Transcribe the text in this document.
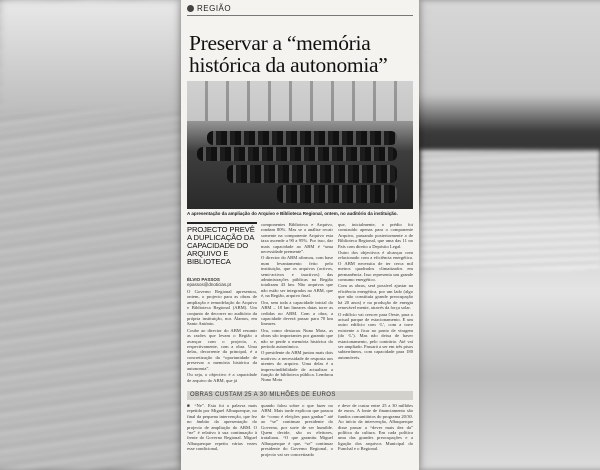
REGIÃO
Preservar a “memória histórica da autonomia”
A apresentação da ampliação do Arquivo e Biblioteca Regional, ontem, no auditório da instituição.
PROJECTO PREVÊ A DUPLICAÇÃO DA CAPACIDADE DO ARQUIVO E BIBLIOTECA
ÉLVIO PASSOS
epassos@dnoticias.pt

O Governo Regional apresentou, ontem, o projecto para as obras de ampliação e remodelação do Arquivo e Biblioteca Regional (ABM). Um conjunto de decorrer no auditório da própria instituição, nos Álamos, em Santo António.

Coube ao director do ABM resumir as razões que levam o Região a avançar com o projecto, e, respectivamente, com a obra. Uma delas, decorrente da principal, é a concretização da “oportunidade de preservar a memória histórica da autonomia”.

Ou seja, o objectivo é a capacidade de arquivo do ABM, que já

componentes Biblioteca e Arquivo, rondam 80%. Mas se a análise recair somente na componente Arquivo esta taxa ascende a 90 a 95%. Por isso, dar mais capacidade ao ABM é “uma necessidade premente”.

O director do ABM afirmou, com base num levantamento feito pelo instituição, que os arquivos (activos, semi-activos e inactivos) das administrações públicas na Região totalizam 43 km. Não arquivos que não estão ser integrados no ABM, que é, na Região, arquivo final.

Ora, sem toda a capacidade inicial do ABM – 18 km lineares datas torre as cedidas no ABM. Com a obra, a capacidade deverá passar para 70 km lineares.

Ora, como destacou Nuno Mota, as obras são importantes por garantir que não se perde a memória histórica do período autonómico.

O presidente do ABM juntou mais dois motivos: a necessidade de resposta aos utentes do arquivo. Uma delas é a imprescindibilidade de actualizar a função de biblioteca pública. Lembrou Nuno Mota

que, inicialmente, o prédio foi construído apenas para o componente Arquivo, passando posteriormente a de Biblioteca Regional, que uma das 11 no País com direito a Depósito Legal.

Outro dos objectivos é alcançar com relacionado com a eficiência energética. O ABM necessita de ter cerca mil metros quadrados climatizados em permanência. Isso representa um grande consumo energético.

Com as obras, será possível ajustar na eficiência energética, por um lado (algo que não constituía grande preocupação há 20 anos) e na produção de energia renovável mente, através da força solar.

O edifício vai crescer para Oeste, para o actual parque de estacionamento. E um outro edifício com ‘L’, com a torre existente a ficar no ponto de viragem (do ‘L’). Mas não deixa de haver estacionamento, pelo contrário. Até vai ser ampliado. Passará a ser em três pisos subterrâneos, com capacidade para 180 automóveis.

OBRAS CUSTAM 25 A 30 MILHÕES DE EUROS
■ “Ne”. Esta foi a palavra mais repetida por Miguel Albuquerque, no final da pequena intervenção, que fez no âmbito da apresentação do projecto de ampliação do ABM. O “ne” é relativo à sua continuação à frente do Governo Regional. Miguel Albuquerque repetiu várias vezes esse condicional,
quando falou sobre o que fazer no ABM. Mais tarde explicou que passou de “como é eleições para ganhar” até ao “se” continuar presidente do Governo, por sorte de ser humilde. Quem decide, são os eleitores, trataliaou. “O que garantiu Miguel Albuquerque é que, “se” continuar presidente do Governo Regional, o projecto vai ser concretizado
e deve de custar entre 25 a 30 milhões de euros. A fonte de financiamento são fundos comunitários do programa 20/30. Ao início da intervenção, Albuquerque disse passar a “dever mais dez da” política da cultura. Em cada política uma das grandes preocupações e a ligação dos arquivos Municipal do Funchal e o Regional.
